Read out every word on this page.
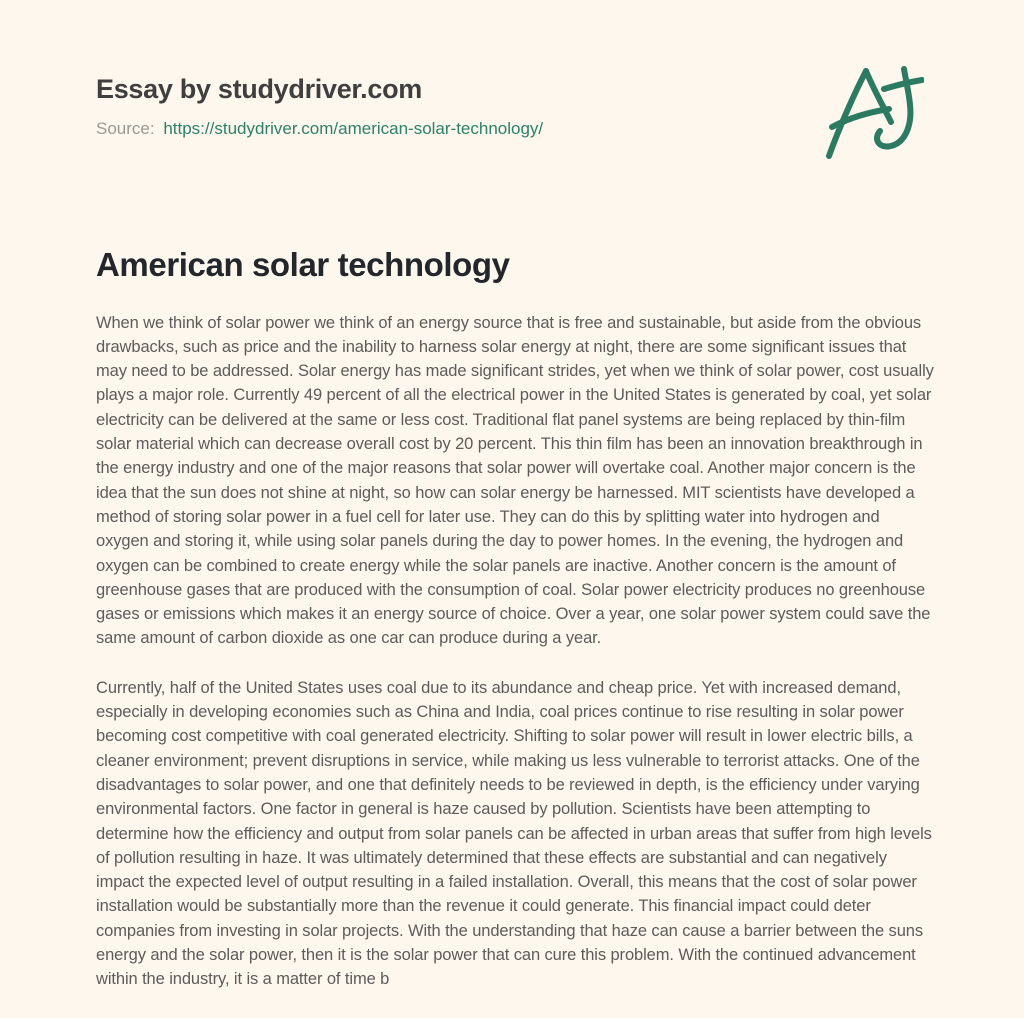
Essay by studydriver.com

Source: https://studydriver.com/american-solar-technology/

American solar technology

When we think of solar power we think of an energy source that is free and sustainable, but aside from the obvious drawbacks, such as price and the inability to harness solar energy at night, there are some significant issues that may need to be addressed. Solar energy has made significant strides, yet when we think of solar power, cost usually plays a major role. Currently 49 percent of all the electrical power in the United States is generated by coal, yet solar electricity can be delivered at the same or less cost. Traditional flat panel systems are being replaced by thin-film solar material which can decrease overall cost by 20 percent. This thin film has been an innovation breakthrough in the energy industry and one of the major reasons that solar power will overtake coal. Another major concern is the idea that the sun does not shine at night, so how can solar energy be harnessed. MIT scientists have developed a method of storing solar power in a fuel cell for later use. They can do this by splitting water into hydrogen and oxygen and storing it, while using solar panels during the day to power homes. In the evening, the hydrogen and oxygen can be combined to create energy while the solar panels are inactive. Another concern is the amount of greenhouse gases that are produced with the consumption of coal. Solar power electricity produces no greenhouse gases or emissions which makes it an energy source of choice. Over a year, one solar power system could save the same amount of carbon dioxide as one car can produce during a year.

Currently, half of the United States uses coal due to its abundance and cheap price. Yet with increased demand, especially in developing economies such as China and India, coal prices continue to rise resulting in solar power becoming cost competitive with coal generated electricity. Shifting to solar power will result in lower electric bills, a cleaner environment; prevent disruptions in service, while making us less vulnerable to terrorist attacks. One of the disadvantages to solar power, and one that definitely needs to be reviewed in depth, is the efficiency under varying environmental factors. One factor in general is haze caused by pollution. Scientists have been attempting to determine how the efficiency and output from solar panels can be affected in urban areas that suffer from high levels of pollution resulting in haze. It was ultimately determined that these effects are substantial and can negatively impact the expected level of output resulting in a failed installation. Overall, this means that the cost of solar power installation would be substantially more than the revenue it could generate. This financial impact could deter companies from investing in solar projects. With the understanding that haze can cause a barrier between the suns energy and the solar power, then it is the solar power that can cure this problem. With the continued advancement within the industry, it is a matter of time b
